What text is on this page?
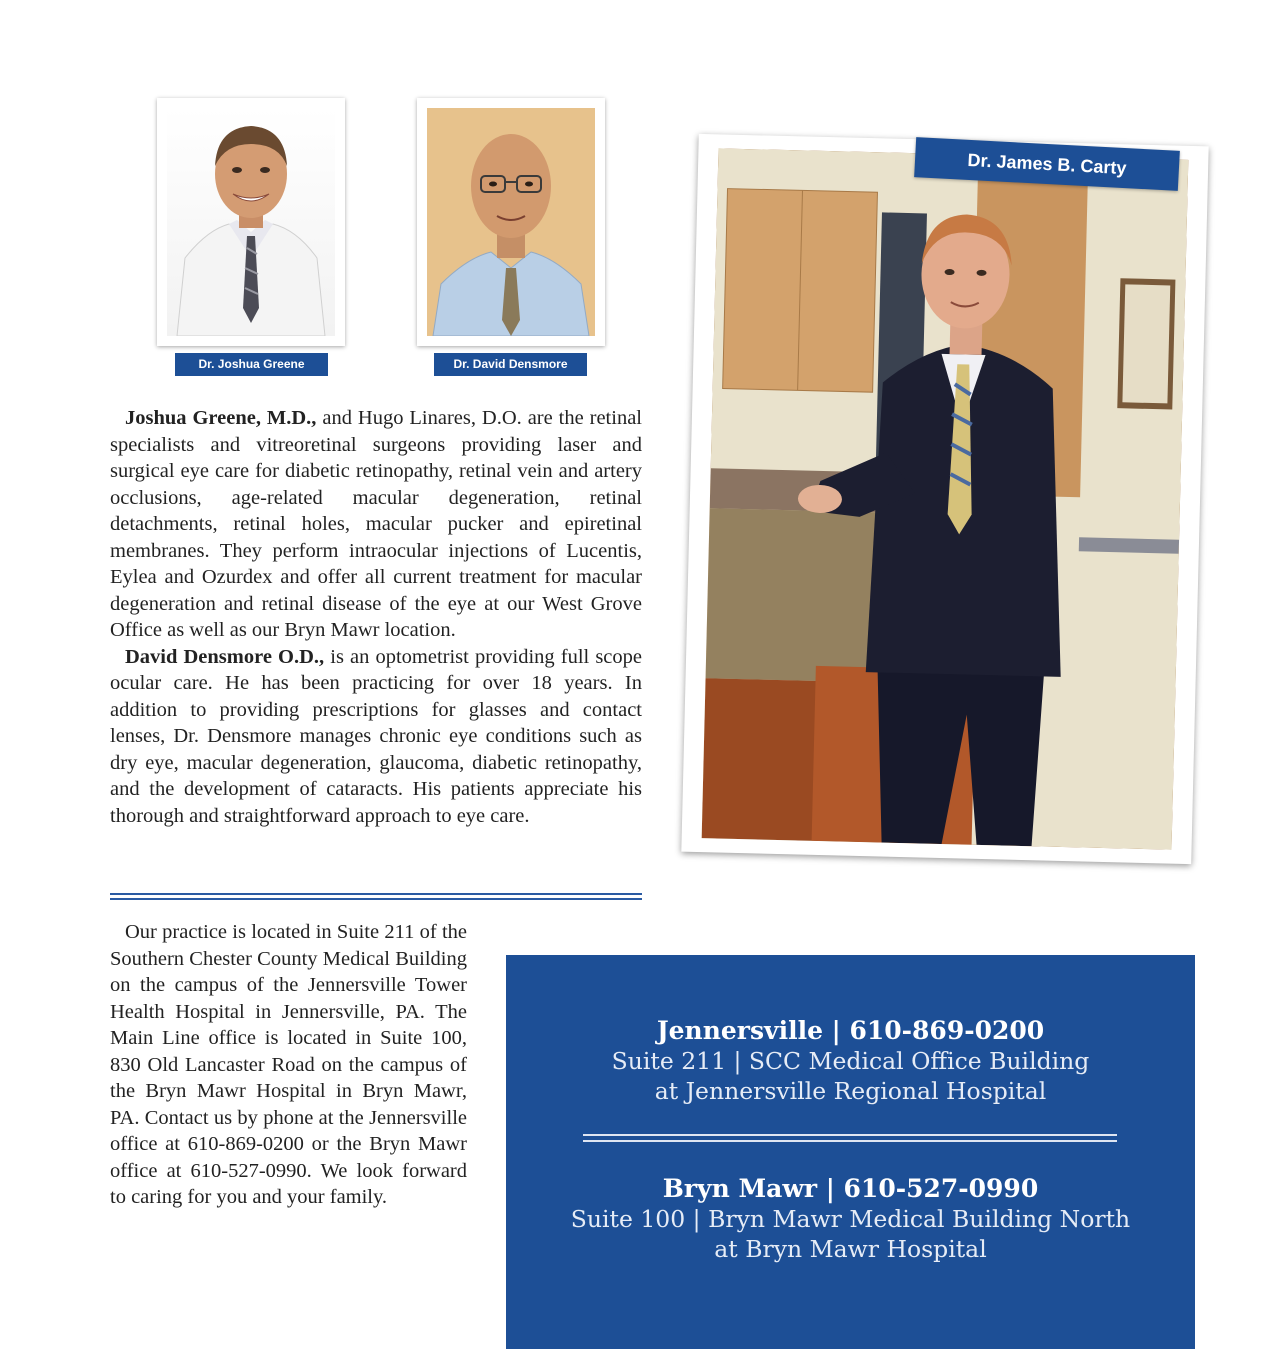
Dr. Joshua Greene	Dr. David Densmore
Dr. James B. Carty

Joshua Greene, M.D., and Hugo Linares, D.O. are the retinal specialists and vitreoretinal surgeons providing laser and surgical eye care for diabetic retinopathy, retinal vein and artery occlusions, age-related macular degeneration, retinal detachments, retinal holes, macular pucker and epiretinal membranes. They perform intraocular injections of Lucentis, Eylea and Ozurdex and offer all current treatment for macular degeneration and retinal disease of the eye at our West Grove Office as well as our Bryn Mawr location.

David Densmore O.D., is an optometrist providing full scope ocular care. He has been practicing for over 18 years. In addition to providing prescriptions for glasses and contact lenses, Dr. Densmore manages chronic eye conditions such as dry eye, macular degeneration, glaucoma, diabetic retinopathy, and the development of cataracts. His patients appreciate his thorough and straightforward approach to eye care.

Our practice is located in Suite 211 of the Southern Chester County Medical Building on the campus of the Jennersville Tower Health Hospital in Jennersville, PA. The Main Line office is located in Suite 100, 830 Old Lancaster Road on the campus of the Bryn Mawr Hospital in Bryn Mawr, PA. Contact us by phone at the Jennersville office at 610-869-0200 or the Bryn Mawr office at 610-527-0990. We look forward to caring for you and your family.

Jennersville | 610-869-0200
Suite 211 | SCC Medical Office Building
at Jennersville Regional Hospital
Bryn Mawr | 610-527-0990
Suite 100 | Bryn Mawr Medical Building North
at Bryn Mawr Hospital
